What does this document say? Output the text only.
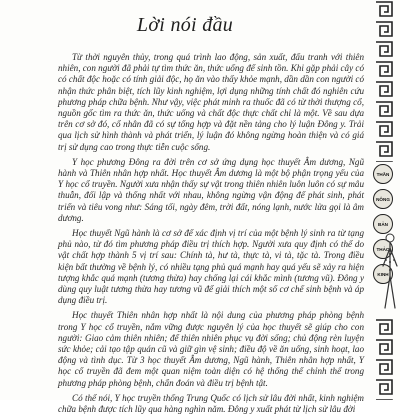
Lời nói đầu

Từ thời nguyên thủy, trong quá trình lao động, sản xuất, đấu tranh với thiên nhiên, con người đã phải tự tìm thức ăn, thức uống để sinh tồn. Khi gặp phải cây có có chất độc hoặc có tính giải độc, họ ăn vào thấy khỏe mạnh, dần dần con người có nhận thức phân biệt, tích lũy kinh nghiệm, lợi dụng những tính chất đó nghiên cứu phương pháp chữa bệnh. Như vậy, việc phát minh ra thuốc đã có từ thời thượng cổ, nguồn gốc tìm ra thức ăn, thức uống và chất độc thực chất chỉ là một. Về sau dựa trên cơ sở đó, cổ nhân đã có sự tổng hợp và đặt nền tảng cho lý luận Đông y. Trải qua lịch sử hình thành và phát triển, lý luận đó không ngừng hoàn thiện và có giá trị sử dụng cao trong thực tiễn cuộc sống.

Y học phương Đông ra đời trên cơ sở ứng dụng học thuyết Âm dương, Ngũ hành và Thiên nhân hợp nhất. Học thuyết Âm dương là một bộ phận trọng yếu của Y học cổ truyền. Người xưa nhận thấy sự vật trong thiên nhiên luôn luôn có sự mâu thuẫn, đối lập và thống nhất với nhau, không ngừng vận động để phát sinh, phát triển và tiêu vong như: Sáng tối, ngày đêm, trời đất, nóng lạnh, nước lửa gọi là âm dương.

Học thuyết Ngũ hành là cơ sở để xác định vị trí của một bệnh lý sinh ra từ tạng phủ nào, từ đó tìm phương pháp điều trị thích hợp. Người xưa quy định có thể do vật chất hợp thành 5 vị trí sau: Chính tà, hư tà, thực tà, vi tà, tặc tà. Trong điều kiện bất thường về bệnh lý, có nhiều tạng phủ quá mạnh hay quá yếu sẽ xảy ra hiện tượng khắc quá mạnh (tương thừa) hay chống lại cái khắc mình (tương vũ). Đông y dùng quy luật tương thừa hay tương vũ để giải thích một số cơ chế sinh bệnh và áp dụng điều trị.

Học thuyết Thiên nhân hợp nhất là nội dung của phương pháp phòng bệnh trong Y học cổ truyền, nắm vững được nguyên lý của học thuyết sẽ giúp cho con người: Giao cảm thiên nhiên; để thiên nhiên phục vụ đời sống; chủ động rèn luyện sức khỏe; cải tạo tập quán cũ và giữ gìn vệ sinh; điều độ về ăn uống, sinh hoạt, lao động và tình dục. Từ 3 học thuyết Âm dương, Ngũ hành, Thiên nhân hợp nhất, Y học cổ truyền đã đem một quan niệm toàn diện có hệ thống thể chỉnh thể trong phương pháp phòng bệnh, chẩn đoán và điều trị bệnh tật.

Có thể nói, Y học truyền thống Trung Quốc có lịch sử lâu đời nhất, kinh nghiệm chữa bệnh được tích lũy qua hàng nghìn năm. Đông y xuất phát từ lịch sử lâu đời

THẦN
NÔNG
BẢN
THẢO
KINH
